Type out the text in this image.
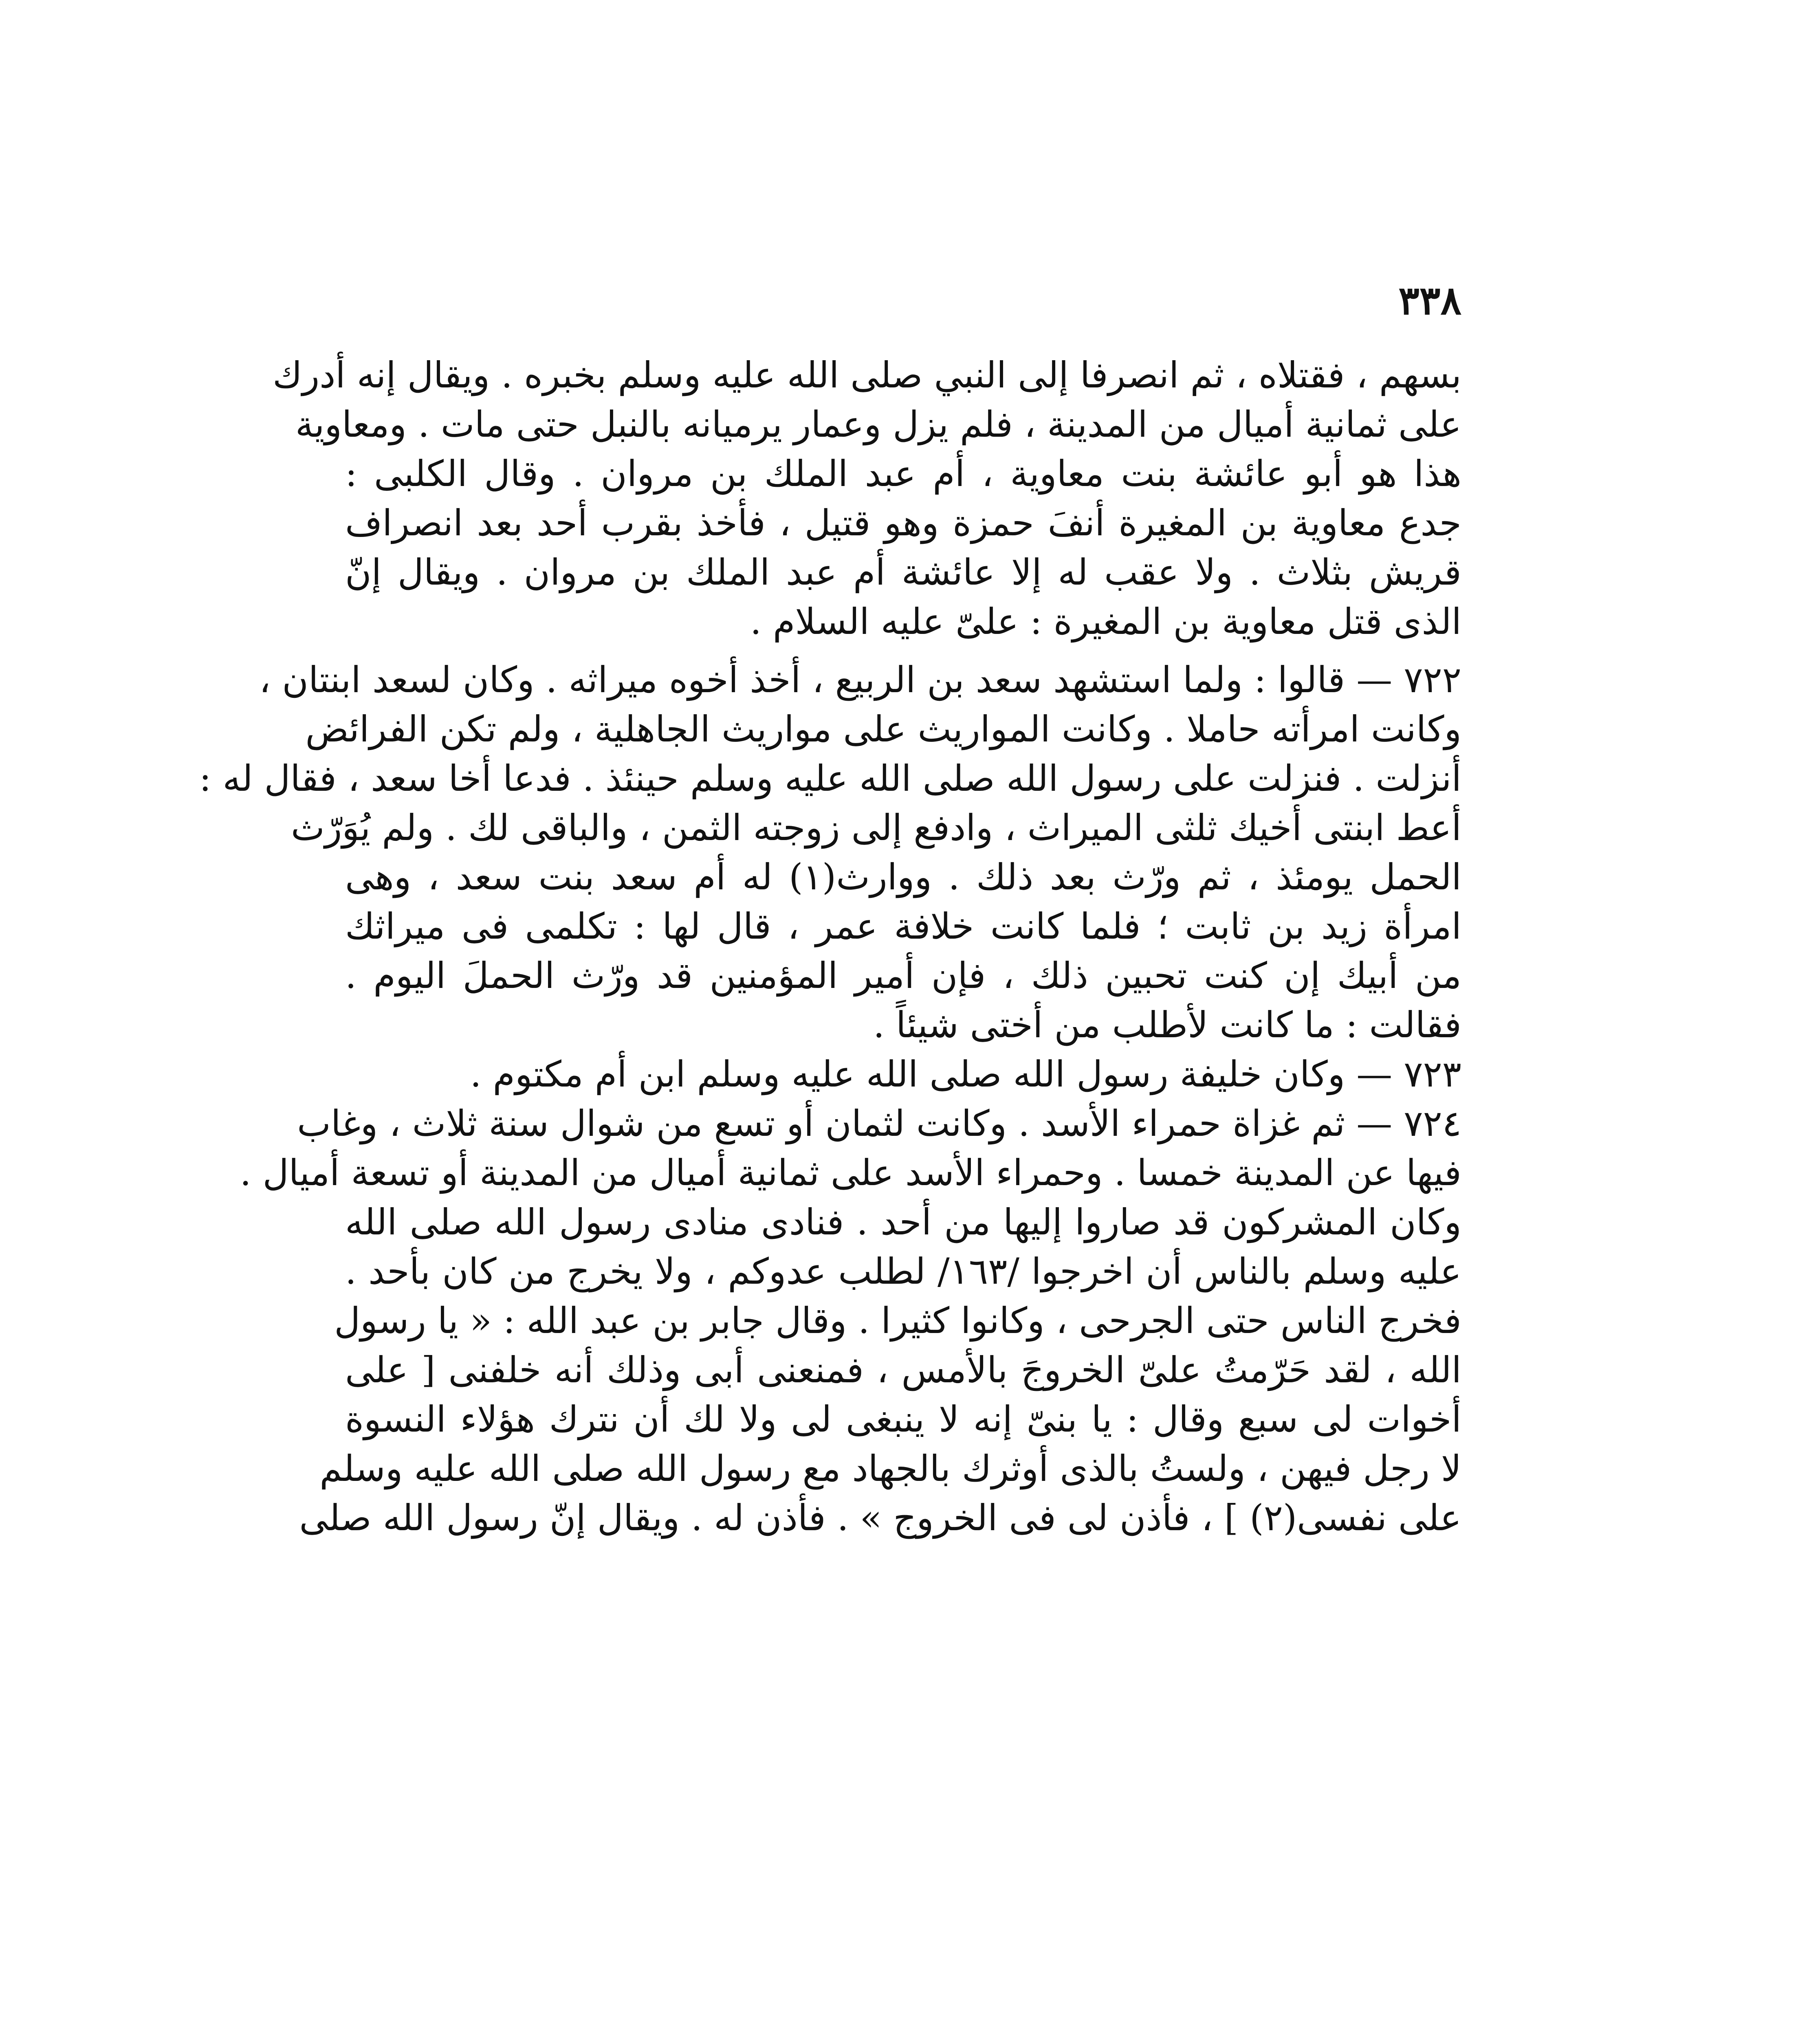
٣٣٨
بسهم ، فقتلاه ، ثم انصرفا إلى النبي صلى الله عليه وسلم بخبره . ويقال إنه أدرك
على ثمانية أميال من المدينة ، فلم يزل وعمار يرميانه بالنبل حتى مات . ومعاوية
هذا هو أبو عائشة بنت معاوية ، أم عبد الملك بن مروان . وقال الكلبى :
جدع معاوية بن المغيرة أنفَ حمزة وهو قتيل ، فأخذ بقرب أحد بعد انصراف
قريش بثلاث . ولا عقب له إلا عائشة أم عبد الملك بن مروان . ويقال إنّ
الذى قتل معاوية بن المغيرة : علىّ عليه السلام .
٧٢٢ — قالوا : ولما استشهد سعد بن الربيع ، أخذ أخوه ميراثه . وكان لسعد ابنتان ،
وكانت امرأته حاملا . وكانت المواريث على مواريث الجاهلية ، ولم تكن الفرائض
أنزلت . فنزلت على رسول الله صلى الله عليه وسلم حينئذ . فدعا أخا سعد ، فقال له :
أعط ابنتى أخيك ثلثى الميراث ، وادفع إلى زوجته الثمن ، والباقى لك . ولم يُوَرّث
الحمل يومئذ ، ثم ورّث بعد ذلك . ووارث(١) له أم سعد بنت سعد ، وهى
امرأة زيد بن ثابت ؛ فلما كانت خلافة عمر ، قال لها : تكلمى فى ميراثك
من أبيك إن كنت تحبين ذلك ، فإن أمير المؤمنين قد ورّث الحملَ اليوم .
فقالت : ما كانت لأطلب من أختى شيئاً .
٧٢٣ — وكان خليفة رسول الله صلى الله عليه وسلم ابن أم مكتوم .
٧٢٤ — ثم غزاة حمراء الأسد . وكانت لثمان أو تسع من شوال سنة ثلاث ، وغاب
فيها عن المدينة خمسا . وحمراء الأسد على ثمانية أميال من المدينة أو تسعة أميال .
وكان المشركون قد صاروا إليها من أحد . فنادى منادى رسول الله صلى الله
عليه وسلم بالناس أن اخرجوا /١٦٣/ لطلب عدوكم ، ولا يخرج من كان بأحد .
فخرج الناس حتى الجرحى ، وكانوا كثيرا . وقال جابر بن عبد الله : « يا رسول
الله ، لقد حَرّمتُ علىّ الخروجَ بالأمس ، فمنعنى أبى وذلك أنه خلفنى [ على
أخوات لى سبع وقال : يا بنىّ إنه لا ينبغى لى ولا لك أن نترك هؤلاء النسوة
لا رجل فيهن ، ولستُ بالذى أوثرك بالجهاد مع رسول الله صلى الله عليه وسلم
على نفسى(٢) ] ، فأذن لى فى الخروج » . فأذن له . ويقال إنّ رسول الله صلى
